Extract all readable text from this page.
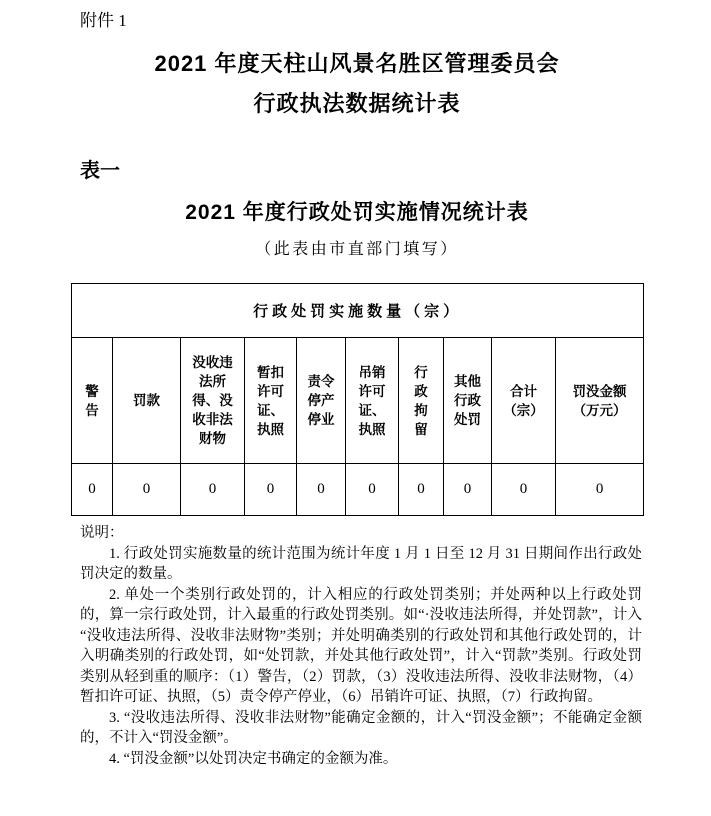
附件 1
2021 年度天柱山风景名胜区管理委员会
行政执法数据统计表
表一
2021 年度行政处罚实施情况统计表
（此表由市直部门填写）
行政处罚实施数量（宗）									
警告	罚款	没收违法所得、没收非法财物	暂扣许可证、执照	责令停产停业	吊销许可证、执照	行政拘留	其他行政处罚	合计（宗）	罚没金额（万元）
0	0	0	0	0	0	0	0	0	0

说明：

1. 行政处罚实施数量的统计范围为统计年度 1 月 1 日至 12 月 31 日期间作出行政处罚决定的数量。

2. 单处一个类别行政处罚的，计入相应的行政处罚类别；并处两种以上行政处罚的，算一宗行政处罚，计入最重的行政处罚类别。如“·没收违法所得，并处罚款”，计入“没收违法所得、没收非法财物”类别；并处明确类别的行政处罚和其他行政处罚的，计入明确类别的行政处罚，如“处罚款，并处其他行政处罚”，计入“罚款”类别。行政处罚类别从轻到重的顺序：（1）警告，（2）罚款，（3）没收违法所得、没收非法财物，（4）暂扣许可证、执照，（5）责令停产停业，（6）吊销许可证、执照，（7）行政拘留。

3. “没收违法所得、没收非法财物”能确定金额的，计入“罚没金额”；不能确定金额的，不计入“罚没金额”。

4. “罚没金额”以处罚决定书确定的金额为准。
